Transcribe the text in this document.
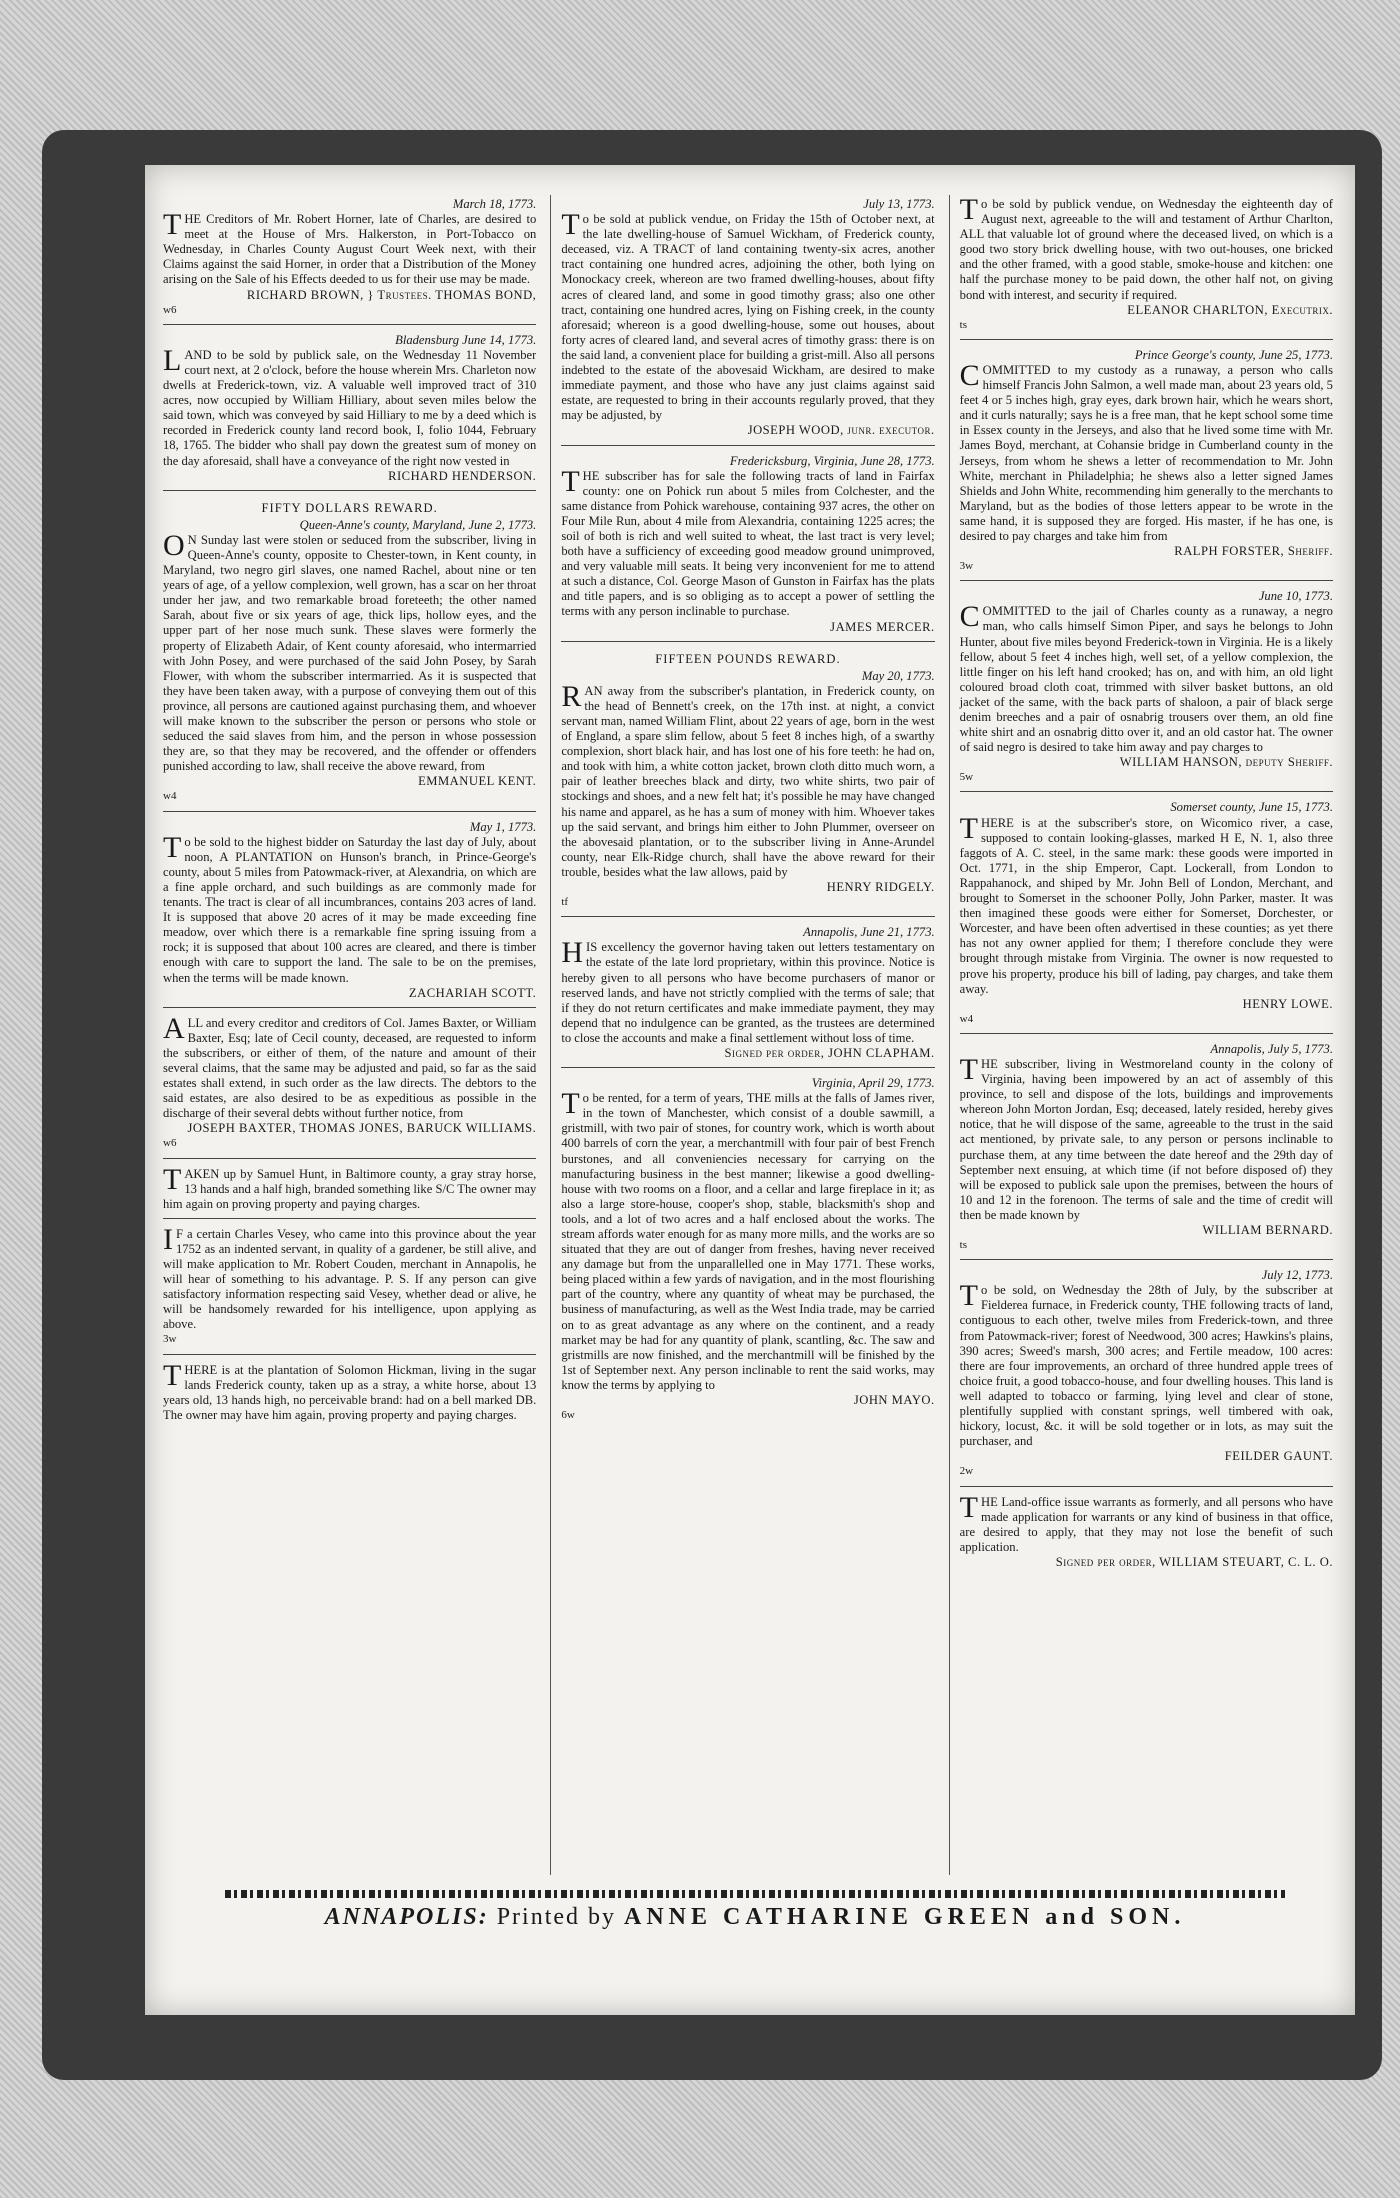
March 18, 1773.
THE Creditors of Mr. Robert Horner, late of Charles, are desired to meet at the House of Mrs. Halkerston, in Port-Tobacco on Wednesday, in Charles County August Court Week next, with their Claims against the said Horner, in order that a Distribution of the Money arising on the Sale of his Effects deeded to us for their use may be made.
RICHARD BROWN, } Trustees. THOMAS BOND,
w6
Bladensburg June 14, 1773.
LAND to be sold by publick sale, on the Wednesday 11 November court next, at 2 o'clock, before the house wherein Mrs. Charleton now dwells at Frederick-town, viz. A valuable well improved tract of 310 acres, now occupied by William Hilliary, about seven miles below the said town, which was conveyed by said Hilliary to me by a deed which is recorded in Frederick county land record book, I, folio 1044, February 18, 1765. The bidder who shall pay down the greatest sum of money on the day aforesaid, shall have a conveyance of the right now vested in
RICHARD HENDERSON.
FIFTY DOLLARS REWARD.
Queen-Anne's county, Maryland, June 2, 1773.
ON Sunday last were stolen or seduced from the subscriber, living in Queen-Anne's county, opposite to Chester-town, in Kent county, in Maryland, two negro girl slaves, one named Rachel, about nine or ten years of age, of a yellow complexion, well grown, has a scar on her throat under her jaw, and two remarkable broad foreteeth; the other named Sarah, about five or six years of age, thick lips, hollow eyes, and the upper part of her nose much sunk. These slaves were formerly the property of Elizabeth Adair, of Kent county aforesaid, who intermarried with John Posey, and were purchased of the said John Posey, by Sarah Flower, with whom the subscriber intermarried. As it is suspected that they have been taken away, with a purpose of conveying them out of this province, all persons are cautioned against purchasing them, and whoever will make known to the subscriber the person or persons who stole or seduced the said slaves from him, and the person in whose possession they are, so that they may be recovered, and the offender or offenders punished according to law, shall receive the above reward, from
EMMANUEL KENT.
w4
May 1, 1773.
To be sold to the highest bidder on Saturday the last day of July, about noon, A PLANTATION on Hunson's branch, in Prince-George's county, about 5 miles from Patowmack-river, at Alexandria, on which are a fine apple orchard, and such buildings as are commonly made for tenants. The tract is clear of all incumbrances, contains 203 acres of land. It is supposed that above 20 acres of it may be made exceeding fine meadow, over which there is a remarkable fine spring issuing from a rock; it is supposed that about 100 acres are cleared, and there is timber enough with care to support the land. The sale to be on the premises, when the terms will be made known.
ZACHARIAH SCOTT.
ALL and every creditor and creditors of Col. James Baxter, or William Baxter, Esq; late of Cecil county, deceased, are requested to inform the subscribers, or either of them, of the nature and amount of their several claims, that the same may be adjusted and paid, so far as the said estates shall extend, in such order as the law directs. The debtors to the said estates, are also desired to be as expeditious as possible in the discharge of their several debts without further notice, from
JOSEPH BAXTER, THOMAS JONES, BARUCK WILLIAMS.
w6
TAKEN up by Samuel Hunt, in Baltimore county, a gray stray horse, 13 hands and a half high, branded something like S/C The owner may him again on proving property and paying charges.
IF a certain Charles Vesey, who came into this province about the year 1752 as an indented servant, in quality of a gardener, be still alive, and will make application to Mr. Robert Couden, merchant in Annapolis, he will hear of something to his advantage. P. S. If any person can give satisfactory information respecting said Vesey, whether dead or alive, he will be handsomely rewarded for his intelligence, upon applying as above.
3w
THERE is at the plantation of Solomon Hickman, living in the sugar lands Frederick county, taken up as a stray, a white horse, about 13 years old, 13 hands high, no perceivable brand: had on a bell marked DB. The owner may have him again, proving property and paying charges.
July 13, 1773.
To be sold at publick vendue, on Friday the 15th of October next, at the late dwelling-house of Samuel Wickham, of Frederick county, deceased, viz. A TRACT of land containing twenty-six acres, another tract containing one hundred acres, adjoining the other, both lying on Monockacy creek, whereon are two framed dwelling-houses, about fifty acres of cleared land, and some in good timothy grass; also one other tract, containing one hundred acres, lying on Fishing creek, in the county aforesaid; whereon is a good dwelling-house, some out houses, about forty acres of cleared land, and several acres of timothy grass: there is on the said land, a convenient place for building a grist-mill. Also all persons indebted to the estate of the abovesaid Wickham, are desired to make immediate payment, and those who have any just claims against said estate, are requested to bring in their accounts regularly proved, that they may be adjusted, by
JOSEPH WOOD, junr. executor.
Fredericksburg, Virginia, June 28, 1773.
THE subscriber has for sale the following tracts of land in Fairfax county: one on Pohick run about 5 miles from Colchester, and the same distance from Pohick warehouse, containing 937 acres, the other on Four Mile Run, about 4 mile from Alexandria, containing 1225 acres; the soil of both is rich and well suited to wheat, the last tract is very level; both have a sufficiency of exceeding good meadow ground unimproved, and very valuable mill seats. It being very inconvenient for me to attend at such a distance, Col. George Mason of Gunston in Fairfax has the plats and title papers, and is so obliging as to accept a power of settling the terms with any person inclinable to purchase.
JAMES MERCER.
FIFTEEN POUNDS REWARD.
May 20, 1773.
RAN away from the subscriber's plantation, in Frederick county, on the head of Bennett's creek, on the 17th inst. at night, a convict servant man, named William Flint, about 22 years of age, born in the west of England, a spare slim fellow, about 5 feet 8 inches high, of a swarthy complexion, short black hair, and has lost one of his fore teeth: he had on, and took with him, a white cotton jacket, brown cloth ditto much worn, a pair of leather breeches black and dirty, two white shirts, two pair of stockings and shoes, and a new felt hat; it's possible he may have changed his name and apparel, as he has a sum of money with him. Whoever takes up the said servant, and brings him either to John Plummer, overseer on the abovesaid plantation, or to the subscriber living in Anne-Arundel county, near Elk-Ridge church, shall have the above reward for their trouble, besides what the law allows, paid by
HENRY RIDGELY.
tf
Annapolis, June 21, 1773.
HIS excellency the governor having taken out letters testamentary on the estate of the late lord proprietary, within this province. Notice is hereby given to all persons who have become purchasers of manor or reserved lands, and have not strictly complied with the terms of sale; that if they do not return certificates and make immediate payment, they may depend that no indulgence can be granted, as the trustees are determined to close the accounts and make a final settlement without loss of time.
Signed per order, JOHN CLAPHAM.
Virginia, April 29, 1773.
To be rented, for a term of years, THE mills at the falls of James river, in the town of Manchester, which consist of a double sawmill, a gristmill, with two pair of stones, for country work, which is worth about 400 barrels of corn the year, a merchantmill with four pair of best French burstones, and all conveniencies necessary for carrying on the manufacturing business in the best manner; likewise a good dwelling-house with two rooms on a floor, and a cellar and large fireplace in it; as also a large store-house, cooper's shop, stable, blacksmith's shop and tools, and a lot of two acres and a half enclosed about the works. The stream affords water enough for as many more mills, and the works are so situated that they are out of danger from freshes, having never received any damage but from the unparallelled one in May 1771. These works, being placed within a few yards of navigation, and in the most flourishing part of the country, where any quantity of wheat may be purchased, the business of manufacturing, as well as the West India trade, may be carried on to as great advantage as any where on the continent, and a ready market may be had for any quantity of plank, scantling, &c. The saw and gristmills are now finished, and the merchantmill will be finished by the 1st of September next. Any person inclinable to rent the said works, may know the terms by applying to
JOHN MAYO.
6w
To be sold by publick vendue, on Wednesday the eighteenth day of August next, agreeable to the will and testament of Arthur Charlton, ALL that valuable lot of ground where the deceased lived, on which is a good two story brick dwelling house, with two out-houses, one bricked and the other framed, with a good stable, smoke-house and kitchen: one half the purchase money to be paid down, the other half not, on giving bond with interest, and security if required.
ELEANOR CHARLTON, Executrix.
ts
Prince George's county, June 25, 1773.
COMMITTED to my custody as a runaway, a person who calls himself Francis John Salmon, a well made man, about 23 years old, 5 feet 4 or 5 inches high, gray eyes, dark brown hair, which he wears short, and it curls naturally; says he is a free man, that he kept school some time in Essex county in the Jerseys, and also that he lived some time with Mr. James Boyd, merchant, at Cohansie bridge in Cumberland county in the Jerseys, from whom he shews a letter of recommendation to Mr. John White, merchant in Philadelphia; he shews also a letter signed James Shields and John White, recommending him generally to the merchants to Maryland, but as the bodies of those letters appear to be wrote in the same hand, it is supposed they are forged. His master, if he has one, is desired to pay charges and take him from
RALPH FORSTER, Sheriff.
3w
June 10, 1773.
COMMITTED to the jail of Charles county as a runaway, a negro man, who calls himself Simon Piper, and says he belongs to John Hunter, about five miles beyond Frederick-town in Virginia. He is a likely fellow, about 5 feet 4 inches high, well set, of a yellow complexion, the little finger on his left hand crooked; has on, and with him, an old light coloured broad cloth coat, trimmed with silver basket buttons, an old jacket of the same, with the back parts of shaloon, a pair of black serge denim breeches and a pair of osnabrig trousers over them, an old fine white shirt and an osnabrig ditto over it, and an old castor hat. The owner of said negro is desired to take him away and pay charges to
WILLIAM HANSON, deputy Sheriff.
5w
Somerset county, June 15, 1773.
THERE is at the subscriber's store, on Wicomico river, a case, supposed to contain looking-glasses, marked H E, N. 1, also three faggots of A. C. steel, in the same mark: these goods were imported in Oct. 1771, in the ship Emperor, Capt. Lockerall, from London to Rappahanock, and shiped by Mr. John Bell of London, Merchant, and brought to Somerset in the schooner Polly, John Parker, master. It was then imagined these goods were either for Somerset, Dorchester, or Worcester, and have been often advertised in these counties; as yet there has not any owner applied for them; I therefore conclude they were brought through mistake from Virginia. The owner is now requested to prove his property, produce his bill of lading, pay charges, and take them away.
HENRY LOWE.
w4
Annapolis, July 5, 1773.
THE subscriber, living in Westmoreland county in the colony of Virginia, having been impowered by an act of assembly of this province, to sell and dispose of the lots, buildings and improvements whereon John Morton Jordan, Esq; deceased, lately resided, hereby gives notice, that he will dispose of the same, agreeable to the trust in the said act mentioned, by private sale, to any person or persons inclinable to purchase them, at any time between the date hereof and the 29th day of September next ensuing, at which time (if not before disposed of) they will be exposed to publick sale upon the premises, between the hours of 10 and 12 in the forenoon. The terms of sale and the time of credit will then be made known by
WILLIAM BERNARD.
ts
July 12, 1773.
To be sold, on Wednesday the 28th of July, by the subscriber at Fielderea furnace, in Frederick county, THE following tracts of land, contiguous to each other, twelve miles from Frederick-town, and three from Patowmack-river; forest of Needwood, 300 acres; Hawkins's plains, 390 acres; Sweed's marsh, 300 acres; and Fertile meadow, 100 acres: there are four improvements, an orchard of three hundred apple trees of choice fruit, a good tobacco-house, and four dwelling houses. This land is well adapted to tobacco or farming, lying level and clear of stone, plentifully supplied with constant springs, well timbered with oak, hickory, locust, &c. it will be sold together or in lots, as may suit the purchaser, and
FEILDER GAUNT.
2w
THE Land-office issue warrants as formerly, and all persons who have made application for warrants or any kind of business in that office, are desired to apply, that they may not lose the benefit of such application.
Signed per order, WILLIAM STEUART, C. L. O.
ANNAPOLIS: Printed by ANNE CATHARINE GREEN and SON.
